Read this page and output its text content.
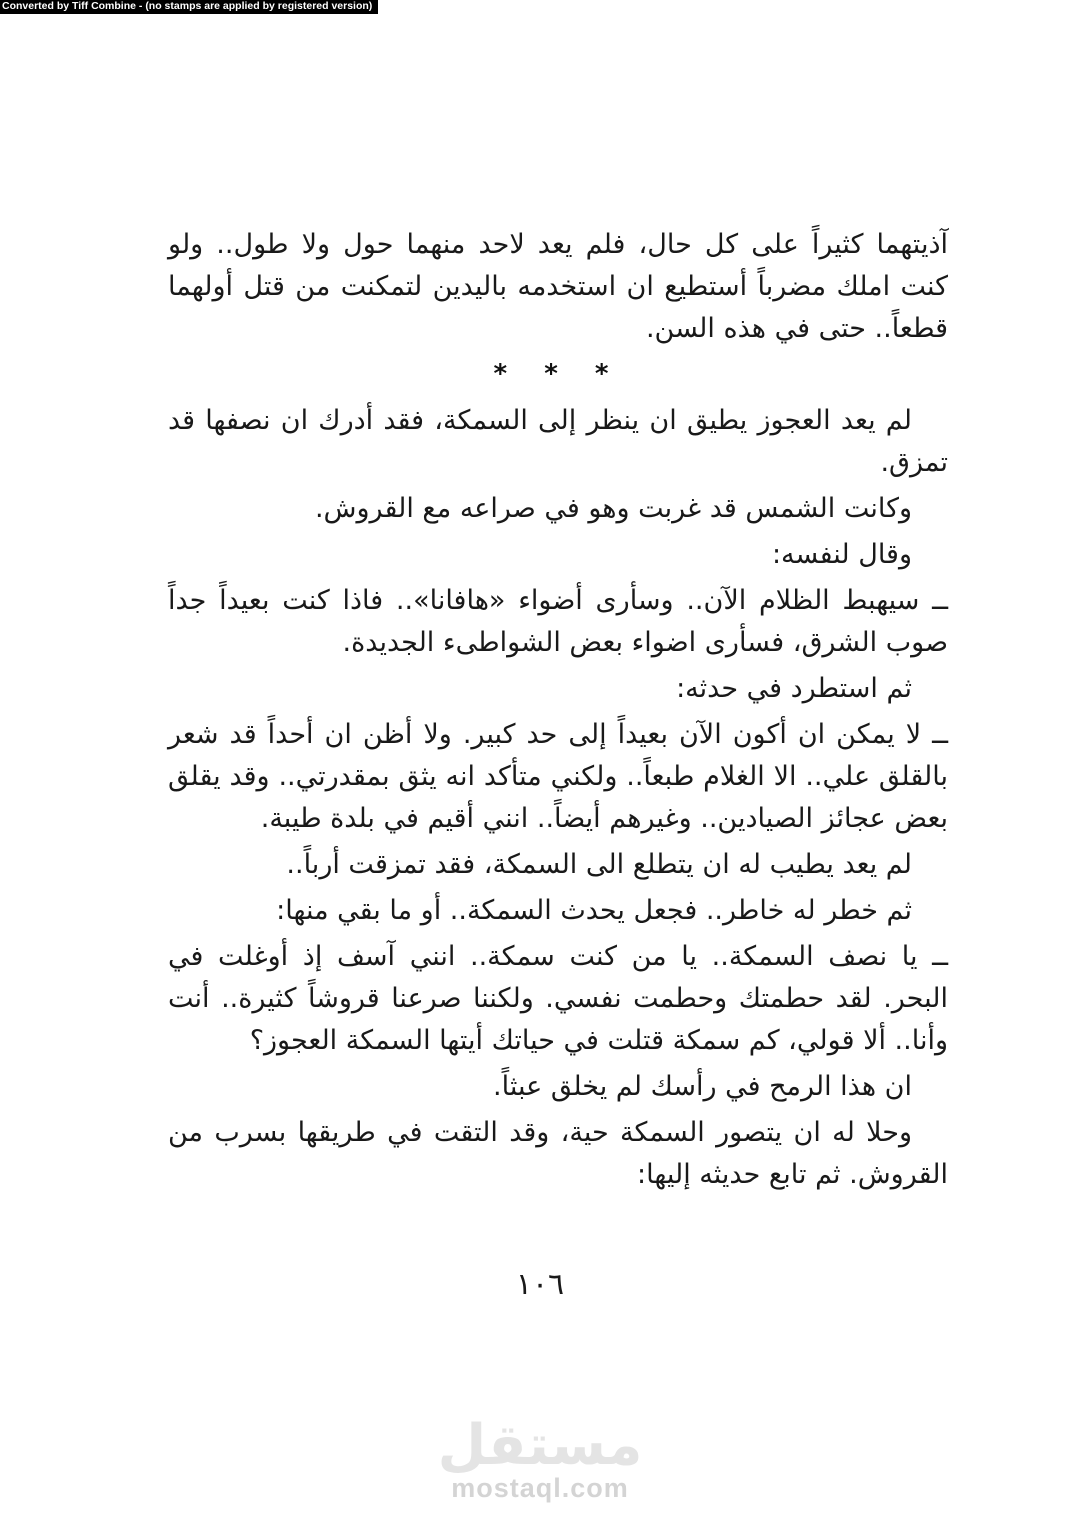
Converted by Tiff Combine - (no stamps are applied by registered version)
آذيتهما كثيراً على كل حال، فلم يعد لاحد منهما حول ولا طول.. ولو كنت املك مضرباً أستطيع ان استخدمه باليدين لتمكنت من قتل أولهما قطعاً.. حتى في هذه السن.
* * *
لم يعد العجوز يطيق ان ينظر إلى السمكة، فقد أدرك ان نصفها قد تمزق.
وكانت الشمس قد غربت وهو في صراعه مع القروش.
وقال لنفسه:
ــ سيهبط الظلام الآن.. وسأرى أضواء «هافانا».. فاذا كنت بعيداً جداً صوب الشرق، فسأرى اضواء بعض الشواطىء الجديدة.
ثم استطرد في حدثه:
ــ لا يمكن ان أكون الآن بعيداً إلى حد كبير. ولا أظن ان أحداً قد شعر بالقلق علي.. الا الغلام طبعاً.. ولكني متأكد انه يثق بمقدرتي.. وقد يقلق بعض عجائز الصيادين.. وغيرهم أيضاً.. انني أقيم في بلدة طيبة.
لم يعد يطيب له ان يتطلع الى السمكة، فقد تمزقت أرباً..
ثم خطر له خاطر.. فجعل يحدث السمكة.. أو ما بقي منها:
ــ يا نصف السمكة.. يا من كنت سمكة.. انني آسف إذ أوغلت في البحر. لقد حطمتك وحطمت نفسي. ولكننا صرعنا قروشاً كثيرة.. أنت وأنا.. ألا قولي، كم سمكة قتلت في حياتك أيتها السمكة العجوز؟
ان هذا الرمح في رأسك لم يخلق عبثاً.
وحلا له ان يتصور السمكة حية، وقد التقت في طريقها بسرب من القروش. ثم تابع حديثه إليها:
١٠٦
مستقل
mostaql.com
